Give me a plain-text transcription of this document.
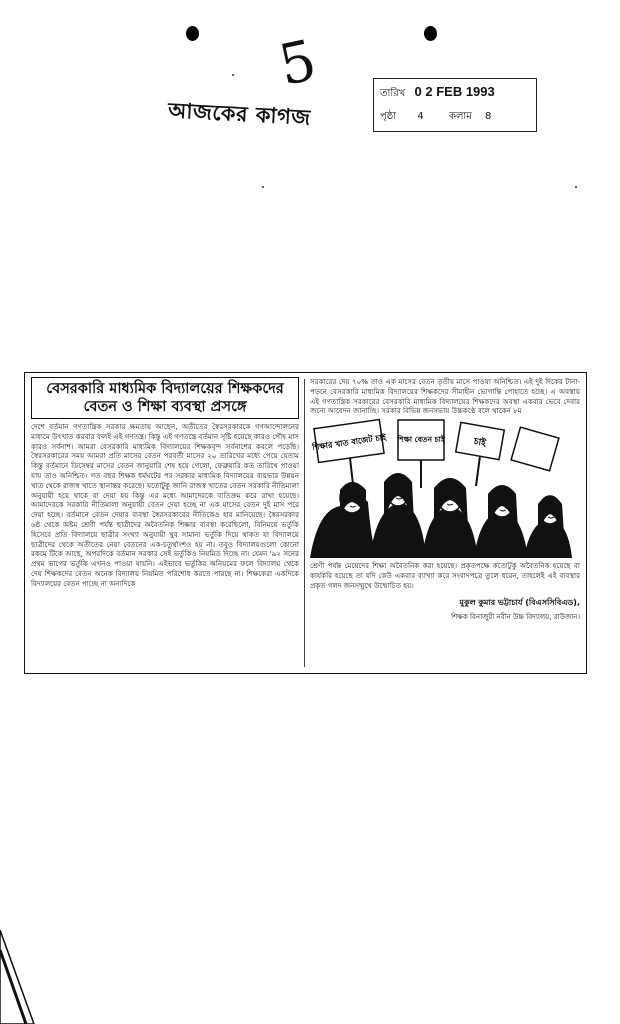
5
আজকের কাগজ
তারিখ 0 2 FEB 1993
পৃষ্ঠা 4	কলাম 8
বেসরকারি মাধ্যমিক বিদ্যালয়ের শিক্ষকদের
বেতন ও শিক্ষা ব্যবস্থা প্রসঙ্গে

দেশে বর্তমান গণতান্ত্রিক সরকার ক্ষমতায় আছেন, অতীতের স্বৈরসরকারকে গণআন্দোলনের মাধ্যমে উৎখাত করবার ফলই এই গণতন্ত্র। কিন্তু এই গণতন্ত্রে বর্তমান সৃষ্টি হয়েছে কারও পৌষ মাস কারও সর্বনাশ। আমরা বেসরকারি মাধ্যমিক বিদ্যালয়ের শিক্ষকবৃন্দ সর্বনাশের কবলে পড়েছি। স্বৈরসরকারের সময় আমরা প্রতি মাসের বেতন পরবর্তী মাসের ২০ তারিখের মধ্যে পেয়ে যেতাম কিন্তু বর্তমানে ডিসেম্বর মাসের বেতন জানুয়ারি শেষ হয়ে গেলো, ফেব্রুয়ারি কত তারিখে পাওয়া যায় তাও অনিশ্চিত। গত বছর শিক্ষক ধর্মঘটের পর সরকার মাধ্যমিক বিদ্যালয়ের ব্যয়ভার উন্নয়ন খাত থেকে রাজস্ব খাতে স্থানান্তর করেছে। যতোটুকু জানি রাজস্ব খাতের বেতন সরকারি নীতিমালা অনুযায়ী হয়ে থাকে বা দেয়া হয় কিন্তু এর মধ্যে আমাদেরকে ব্যতিক্রম করে রাখা হয়েছে। আমাদেরকে সরকারি নীতিমালা অনুযায়ী বেতন দেয়া হচ্ছে না এক মাসের বেতন দুই মাস পরে দেয়া হচ্ছে। বর্তমানে বেতন দেয়ার ব্যবস্থা স্বৈরসরকারের নীতিকেও হার মানিয়েছে। স্বৈরসরকার ৬ষ্ঠ থেকে অষ্টম শ্রেণী পর্যন্ত ছাত্রীদের অবৈতনিক শিক্ষার ব্যবস্থা করেছিলো, বিনিময়ে ভর্তুকি হিসেবে প্রতি বিদ্যালয়ে ছাত্রীর সংখ্যা অনুযায়ী খুব সামান্য ভর্তুকি দিয়ে থাকত যা বিদ্যালয়ে ছাত্রীদের থেকে অতীতের নেয়া বেতনের এক-চতুর্থাংশও হয় না। তবুও বিদ্যালয়গুলো কোনো রকমে টিকে আছে, অপরদিকে বর্তমান সরকার সেই ভর্তুকিও নিয়মিত দিচ্ছে না। যেমন '৯২ সনের প্রথম ভাগের ভর্তুকি এখনও পাওয়া যায়নি। এইভাবে ভর্তুকির অনিয়মের ফলে বিদ্যালয় থেকে দেয় শিক্ষকদের বেতন অনেক বিদ্যালয় নিয়মিত পরিশোধ করতে পারছে না। শিক্ষকেরা একদিকে বিদ্যালয়ের বেতন পাচ্ছে না অন্যদিকে

সরকারের দেয় ৭০% তাও এক মাসের বেতন তৃতীয় মাসে পাওয়া অনিশ্চিত। এই দুই দিকের টানা-পড়নে বেসরকারি মাধ্যমিক বিদ্যালয়ের শিক্ষকদের সীমাহীন ভোগান্তি পোহাতে হচ্ছে। এ অবস্থায় এই গণতান্ত্রিক সরকারের বেসরকারি মাধ্যমিক বিদ্যালয়ের শিক্ষকদের অবস্থা একবার ভেবে দেবার জন্যে আবেদন জানাচ্ছি। সরকার বিভিন্ন জনসভায় উচ্চকণ্ঠে বলে থাকেন ৮ম

শিক্ষার খাত বাজেট চাই শিক্ষা বেতন চাই	চাই

শ্রেণী পর্যন্ত মেয়েদের শিক্ষা অবৈতনিক করা হয়েছে। প্রকৃতপক্ষে কতোটুকু অবৈতনিক হয়েছে বা কার্যকরি হয়েছে তা যদি কেউ একবার ব্যাখ্যা করে সংবাদপত্রে তুলে ধরেন, তাহলেই এই ব্যবস্থার প্রকৃত গলদ জনসম্মুখে উন্মোচিত হয়।

মুকুল কুমার ভট্টাচার্য (বিএসসিবিএড),
শিক্ষক বিনাজুরী নবীন উচ্চ বিদ্যালয়, রাউজান।
